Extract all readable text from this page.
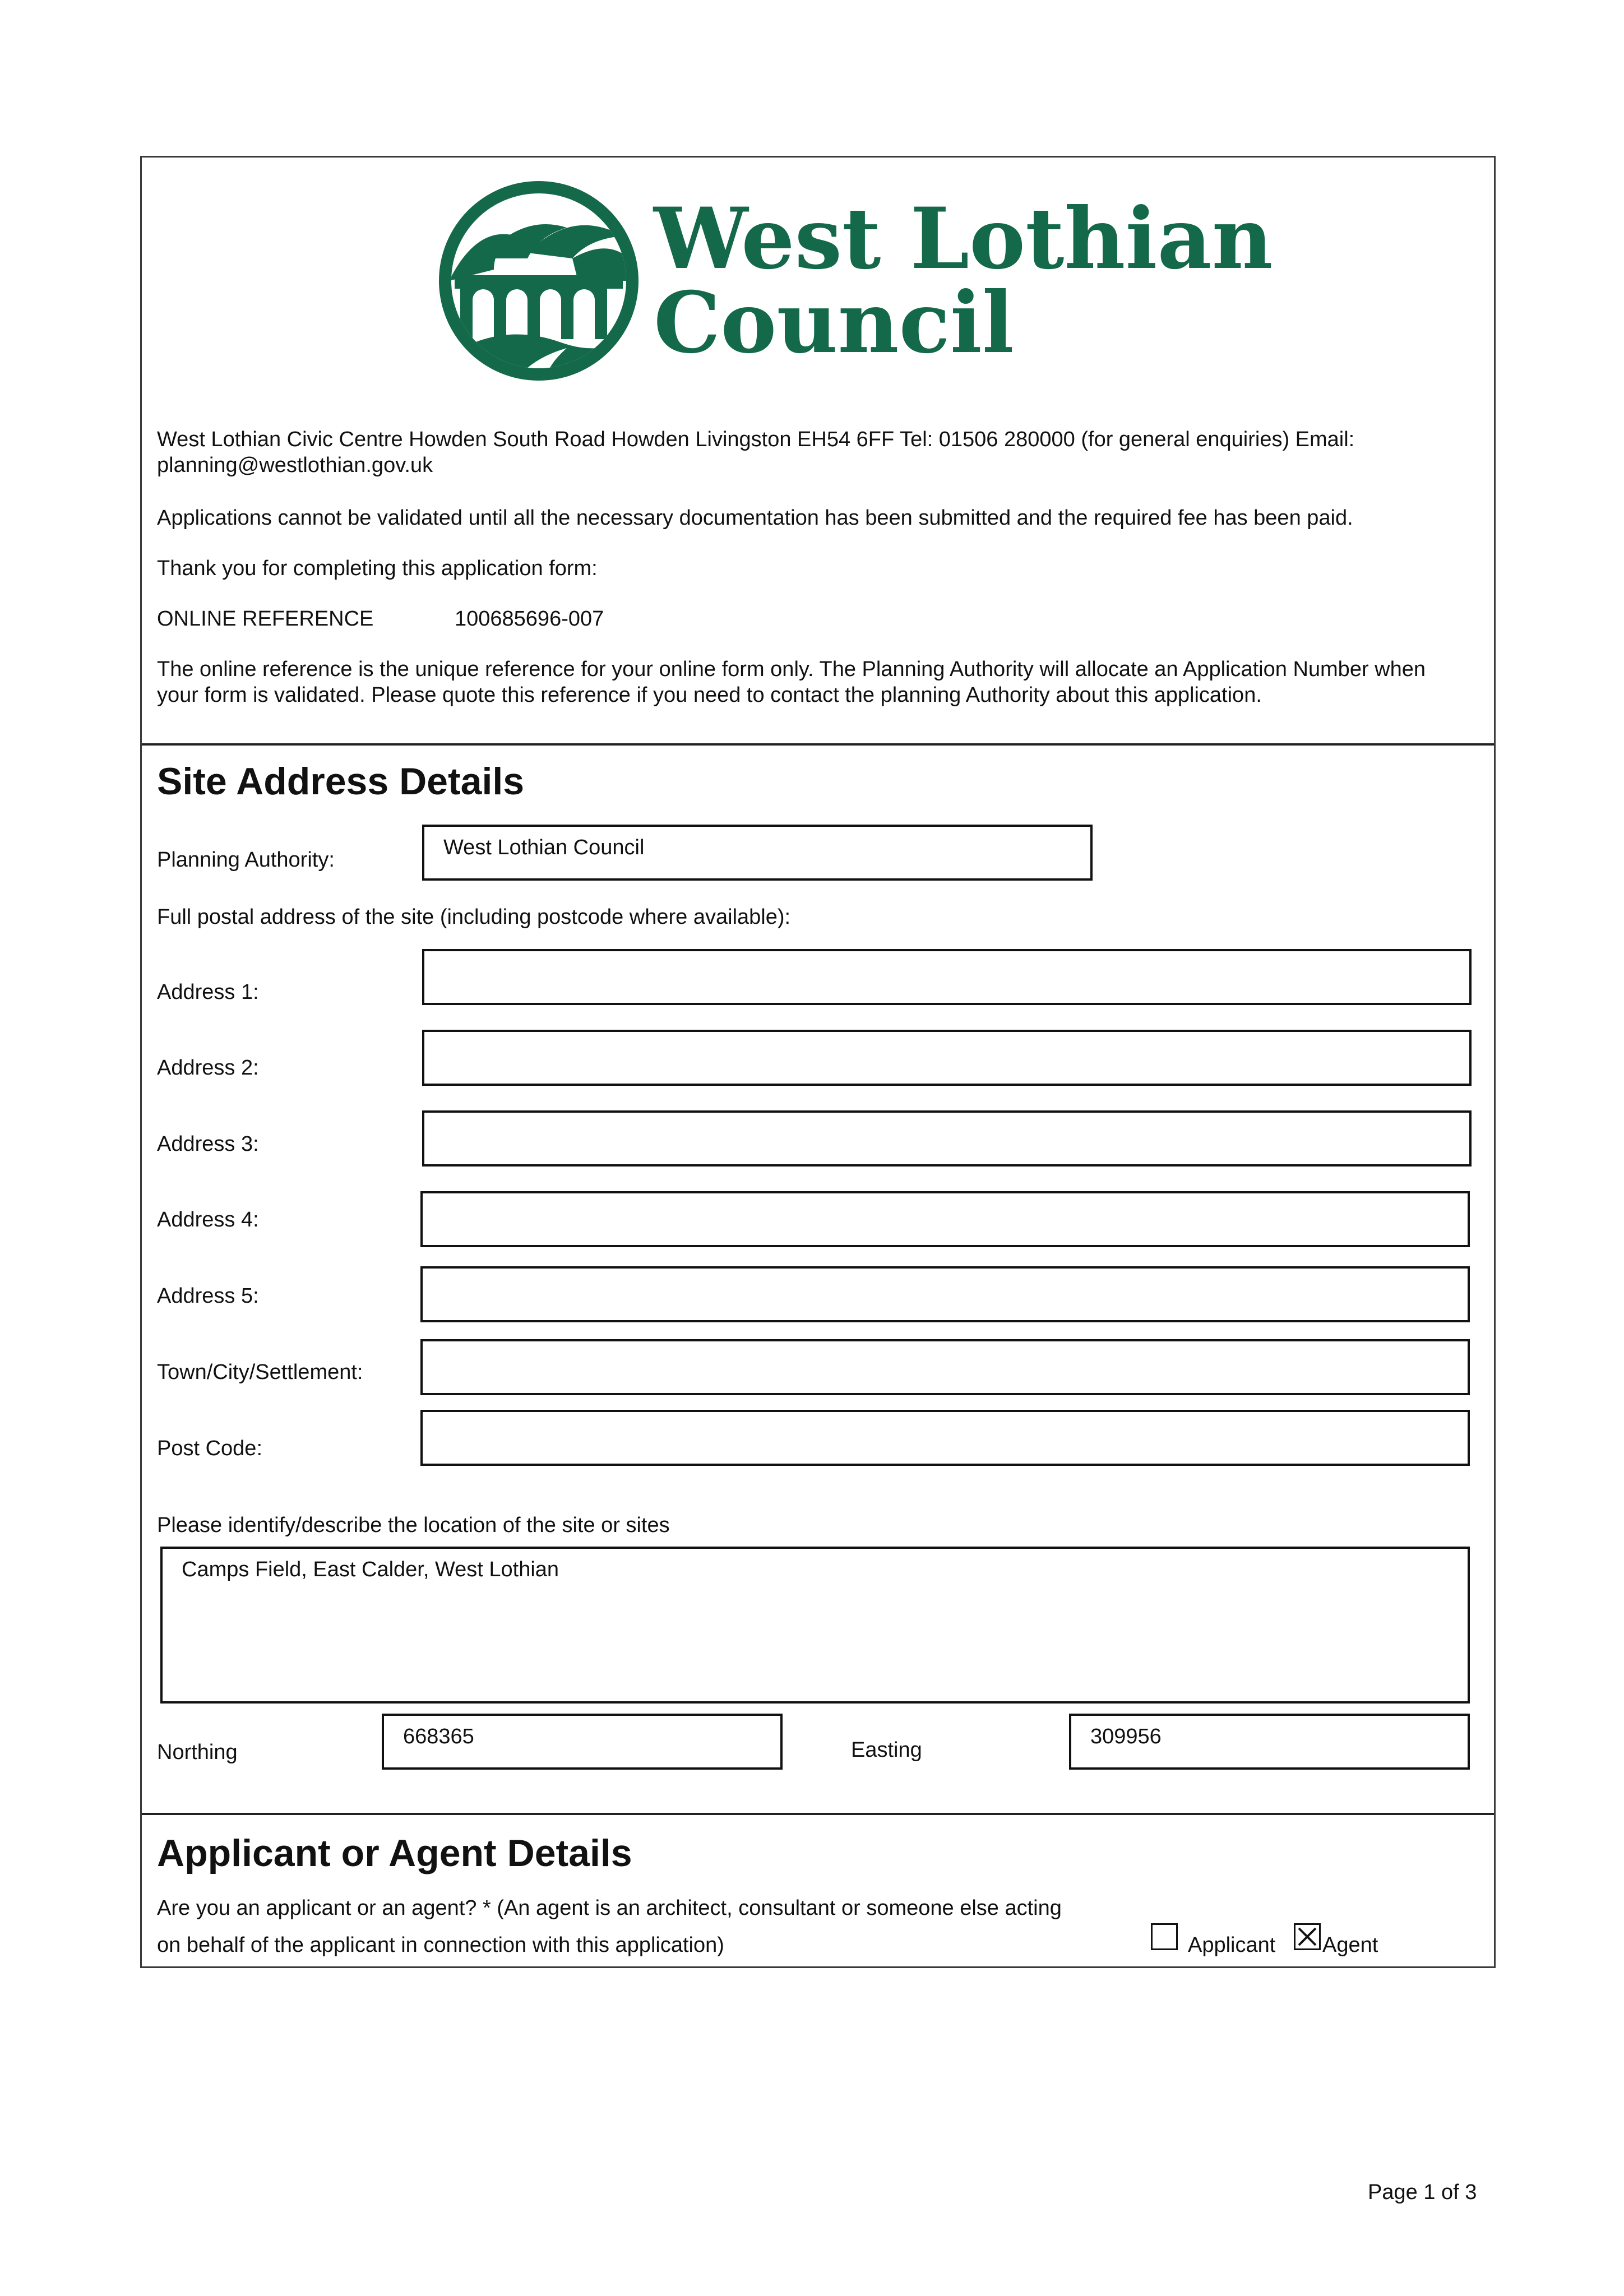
West Lothian
Council
West Lothian Civic Centre Howden South Road Howden Livingston EH54 6FF Tel: 01506 280000 (for general enquiries) Email:
planning@westlothian.gov.uk
Applications cannot be validated until all the necessary documentation has been submitted and the required fee has been paid.
Thank you for completing this application form:
ONLINE REFERENCE	100685696-007
The online reference is the unique reference for your online form only. The Planning Authority will allocate an Application Number when
your form is validated. Please quote this reference if you need to contact the planning Authority about this application.
Site Address Details
Planning Authority:
West Lothian Council
Full postal address of the site (including postcode where available):
Address 1:
Address 2:
Address 3:
Address 4:
Address 5:
Town/City/Settlement:
Post Code:
Please identify/describe the location of the site or sites
Camps Field, East Calder, West Lothian
Northing
668365
Easting
309956
Applicant or Agent Details
Are you an applicant or an agent? * (An agent is an architect, consultant or someone else acting
on behalf of the applicant in connection with this application)	Applicant Agent
Page 1 of 3
